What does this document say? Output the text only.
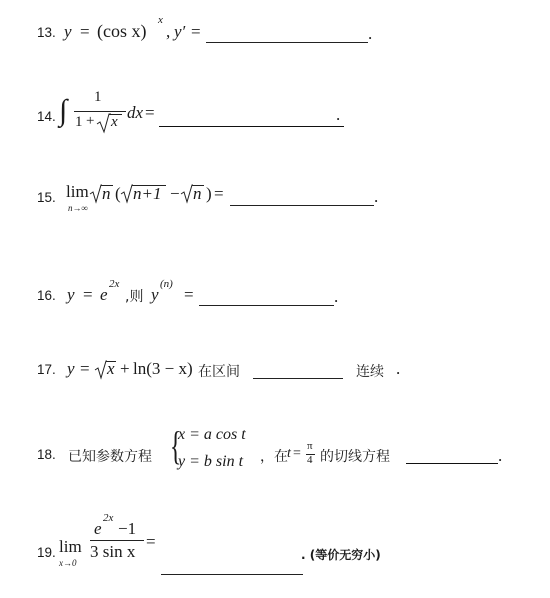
13. y = (cos x)
x
, y′ =	.
14. ∫ 1
1 + x dx =	.
15. lim
n→∞
n ( n+1 − n ) =	.
16. y = e
2x
,则 y
(n)
=	.
17. y = x + ln(3 − x) 在区间	连续 .
18. 已知参数方程 {
x = a cos t
y = b sin t ，在 t = π
4 的切线方程	.
19. lim
x→0
e
2x
−1
3 sin x
=
. (等价无穷小)
